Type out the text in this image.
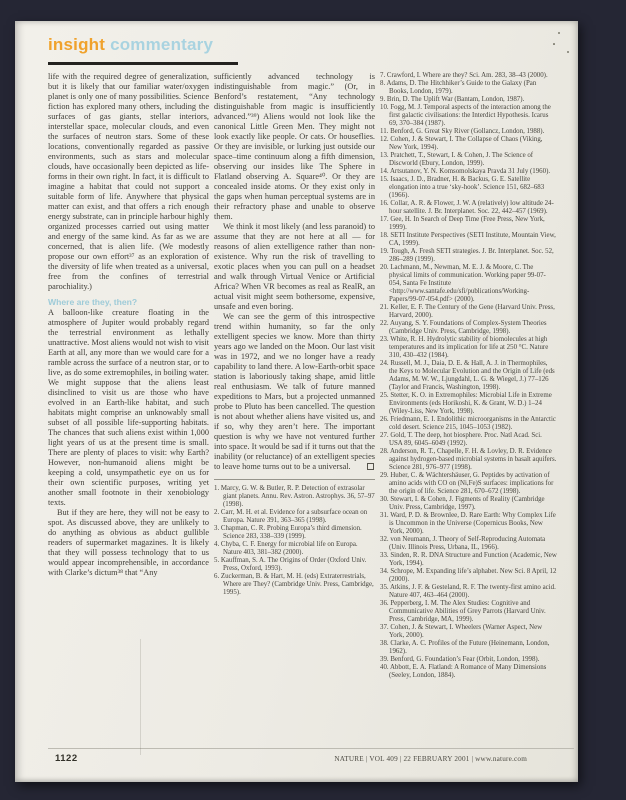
insight commentary
life with the required degree of generalization, but it is likely that our familiar water/oxygen planet is only one of many possibilities. Science fiction has explored many others, including the surfaces of gas giants, stellar interiors, interstellar space, molecular clouds, and even the surfaces of neutron stars. Some of these locations, conventionally regarded as passive environments, such as stars and molecular clouds, have occasionally been depicted as life-forms in their own right. In fact, it is difficult to imagine a habitat that could not support a suitable form of life. Anywhere that physical matter can exist, and that offers a rich enough energy substrate, can in principle harbour highly organized processes carried out using matter and energy of the same kind. As far as we are concerned, that is alien life. (We modestly propose our own effort³⁷ as an exploration of the diversity of life when treated as a universal, free from the confines of terrestrial parochiality.)
Where are they, then?
A balloon-like creature floating in the atmosphere of Jupiter would probably regard the terrestrial environment as lethally unattractive. Most aliens would not wish to visit Earth at all, any more than we would care for a ramble across the surface of a neutron star, or to live, as do some extremophiles, in boiling water. We might suppose that the aliens least disinclined to visit us are those who have evolved in an Earth-like habitat, and such habitats might comprise an unknowably small subset of all possible life-supporting habitats. The chances that such aliens exist within 1,000 light years of us at the present time is small. There are plenty of places to visit: why Earth? However, non-humanoid aliens might be keeping a cold, unsympathetic eye on us for their own scientific purposes, writing yet another small footnote in their xenobiology texts.
But if they are here, they will not be easy to spot. As discussed above, they are unlikely to do anything as obvious as abduct gullible readers of supermarket magazines. It is likely that they will possess technology that to us would appear incomprehensible, in accordance with Clarke’s dictum³⁸ that “Any
sufficiently advanced technology is indistinguishable from magic.” (Or, in Benford’s restatement, “Any technology distinguishable from magic is insufficiently advanced.”³⁹) Aliens would not look like the canonical Little Green Men. They might not look exactly like people. Or cats. Or houseflies. Or they are invisible, or lurking just outside our space–time continuum along a fifth dimension, observing our insides like The Sphere in Flatland observing A. Square⁴⁰. Or they are concealed inside atoms. Or they exist only in the gaps when human perceptual systems are in their refractory phase and unable to observe them.
We think it most likely (and less paranoid) to assume that they are not here at all — for reasons of alien extelligence rather than non-existence. Why run the risk of travelling to exotic places when you can pull on a headset and walk through Virtual Venice or Artificial Africa? When VR becomes as real as RealR, an actual visit might seem bothersome, expensive, unsafe and even boring.
We can see the germ of this introspective trend within humanity, so far the only extelligent species we know. More than thirty years ago we landed on the Moon. Our last visit was in 1972, and we no longer have a ready capability to land there. A low-Earth-orbit space station is laboriously taking shape, amid little real enthusiasm. We talk of future manned expeditions to Mars, but a projected unmanned probe to Pluto has been cancelled. The question is not about whether aliens have visited us, and if so, why they aren’t here. The important question is why we have not ventured further into space. It would be sad if it turns out that the inability (or reluctance) of an extelligent species to leave home turns out to be a universal.
1. Marcy, G. W. & Butler, R. P. Detection of extrasolar giant planets. Annu. Rev. Astron. Astrophys. 36, 57–97 (1998).
2. Carr, M. H. et al. Evidence for a subsurface ocean on Europa. Nature 391, 363–365 (1998).
3. Chapman, C. R. Probing Europa’s third dimension. Science 283, 338–339 (1999).
4. Chyba, C. F. Energy for microbial life on Europa. Nature 403, 381–382 (2000).
5. Kauffman, S. A. The Origins of Order (Oxford Univ. Press, Oxford, 1993).
6. Zuckerman, B. & Hart, M. H. (eds) Extraterrestrials, Where are They? (Cambridge Univ. Press, Cambridge, 1995).
7. Crawford, I. Where are they? Sci. Am. 283, 38–43 (2000).
8. Adams, D. The Hitchhiker’s Guide to the Galaxy (Pan Books, London, 1979).
9. Brin, D. The Uplift War (Bantam, London, 1987).
10. Fogg, M. J. Temporal aspects of the interaction among the first galactic civilisations: the Interdict Hypothesis. Icarus 69, 370–384 (1987).
11. Benford, G. Great Sky River (Gollancz, London, 1988).
12. Cohen, J. & Stewart, I. The Collapse of Chaos (Viking, New York, 1994).
13. Pratchett, T., Stewart, I. & Cohen, J. The Science of Discworld (Ebury, London, 1999).
14. Artsutanov, Y. N. Komsomolskaya Pravda 31 July (1960).
15. Isaacs, J. D., Bradner, H. & Backus, G. E. Satellite elongation into a true ‘sky-hook’. Science 151, 682–683 (1966).
16. Collar, A. R. & Flower, J. W. A (relatively) low altitude 24-hour satellite. J. Br. Interplanet. Soc. 22, 442–457 (1969).
17. Gee, H. In Search of Deep Time (Free Press, New York, 1999).
18. SETI Institute Perspectives (SETI Institute, Mountain View, CA, 1999).
19. Tough, A. Fresh SETI strategies. J. Br. Interplanet. Soc. 52, 286–289 (1999).
20. Lachmann, M., Newman, M. E. J. & Moore, C. The physical limits of communication. Working paper 99-07-054, Santa Fe Institute <http://www.santafe.edu/sfi/publications/Working-Papers/99-07-054.pdf> (2000).
21. Keller, E. F. The Century of the Gene (Harvard Univ. Press, Harvard, 2000).
22. Auyang, S. Y. Foundations of Complex-System Theories (Cambridge Univ. Press, Cambridge, 1998).
23. White, R. H. Hydrolytic stability of biomolecules at high temperatures and its implication for life at 250 °C. Nature 310, 430–432 (1984).
24. Russell, M. J., Daia, D. E. & Hall, A. J. in Thermophiles, the Keys to Molecular Evolution and the Origin of Life (eds Adams, M. W. W., Ljungdahl, L. G. & Wiegel, J.) 77–126 (Taylor and Francis, Washington, 1998).
25. Stetter, K. O. in Extremophiles: Microbial Life in Extreme Environments (eds Horikoshi, K. & Grant, W. D.) 1–24 (Wiley-Liss, New York, 1998).
26. Friedmann, E. I. Endolithic microorganisms in the Antarctic cold desert. Science 215, 1045–1053 (1982).
27. Gold, T. The deep, hot biosphere. Proc. Natl Acad. Sci. USA 89, 6045–6049 (1992).
28. Anderson, R. T., Chapelle, F. H. & Lovley, D. R. Evidence against hydrogen-based microbial systems in basalt aquifers. Science 281, 976–977 (1998).
29. Huber, C. & Wächtershäuser, G. Peptides by activation of amino acids with CO on (Ni,Fe)S surfaces: implications for the origin of life. Science 281, 670–672 (1998).
30. Stewart, I. & Cohen, J. Figments of Reality (Cambridge Univ. Press, Cambridge, 1997).
31. Ward, P. D. & Brownlee, D. Rare Earth: Why Complex Life is Uncommon in the Universe (Copernicus Books, New York, 2000).
32. von Neumann, J. Theory of Self-Reproducing Automata (Univ. Illinois Press, Urbana, IL, 1966).
33. Sinden, R. R. DNA Structure and Function (Academic, New York, 1994).
34. Schrope, M. Expanding life’s alphabet. New Sci. 8 April, 12 (2000).
35. Atkins, J. F. & Gesteland, R. F. The twenty-first amino acid. Nature 407, 463–464 (2000).
36. Pepperberg, I. M. The Alex Studies: Cognitive and Communicative Abilities of Grey Parrots (Harvard Univ. Press, Cambridge, MA, 1999).
37. Cohen, J. & Stewart, I. Wheelers (Warner Aspect, New York, 2000).
38. Clarke, A. C. Profiles of the Future (Heinemann, London, 1962).
39. Benford, G. Foundation’s Fear (Orbit, London, 1998).
40. Abbott, E. A. Flatland: A Romance of Many Dimensions (Seeley, London, 1884).
1122	NATURE | VOL 409 | 22 FEBRUARY 2001 | www.nature.com
